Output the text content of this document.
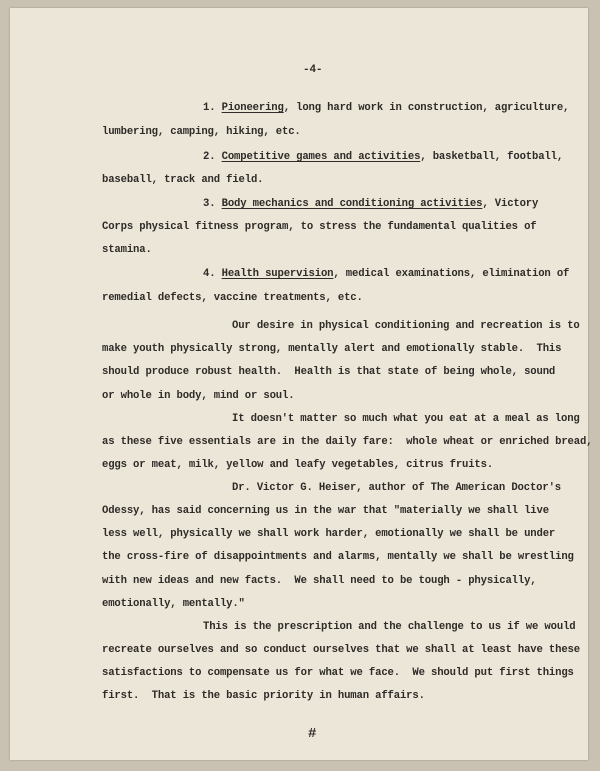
-4-
1. Pioneering, long hard work in construction, agriculture,
lumbering, camping, hiking, etc.
2. Competitive games and activities, basketball, football,
baseball, track and field.
3. Body mechanics and conditioning activities, Victory
Corps physical fitness program, to stress the fundamental qualities of
stamina.
4. Health supervision, medical examinations, elimination of
remedial defects, vaccine treatments, etc.
Our desire in physical conditioning and recreation is to
make youth physically strong, mentally alert and emotionally stable.  This
should produce robust health.  Health is that state of being whole, sound
or whole in body, mind or soul.
It doesn't matter so much what you eat at a meal as long
as these five essentials are in the daily fare:  whole wheat or enriched bread,
eggs or meat, milk, yellow and leafy vegetables, citrus fruits.
Dr. Victor G. Heiser, author of The American Doctor's
Odessy, has said concerning us in the war that "materially we shall live
less well, physically we shall work harder, emotionally we shall be under
the cross-fire of disappointments and alarms, mentally we shall be wrestling
with new ideas and new facts.  We shall need to be tough - physically,
emotionally, mentally."
This is the prescription and the challenge to us if we would
recreate ourselves and so conduct ourselves that we shall at least have these
satisfactions to compensate us for what we face.  We should put first things
first.  That is the basic priority in human affairs.
#
